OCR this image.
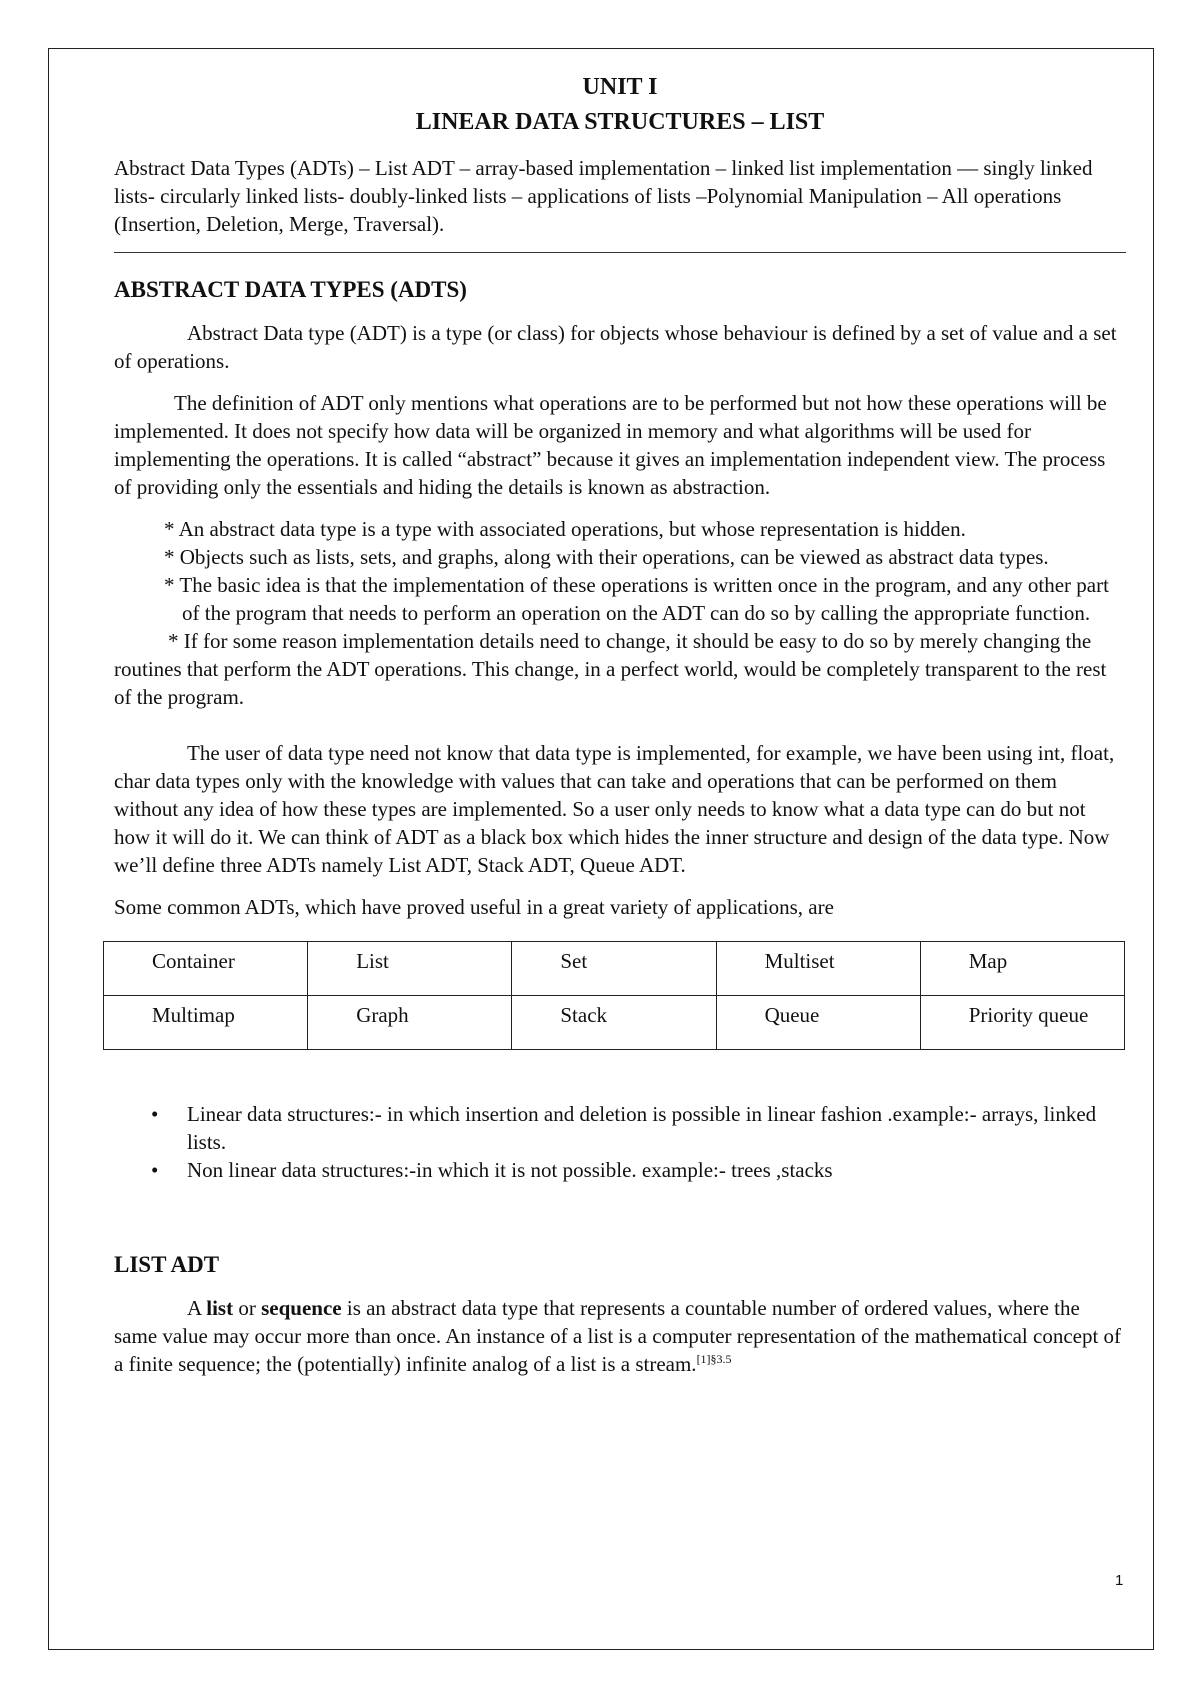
UNIT I

LINEAR DATA STRUCTURES – LIST

Abstract Data Types (ADTs) – List ADT – array-based implementation – linked list implementation –– singly linked lists- circularly linked lists- doubly-linked lists – applications of lists –Polynomial Manipulation – All operations (Insertion, Deletion, Merge, Traversal).

ABSTRACT DATA TYPES (ADTS)

Abstract Data type (ADT) is a type (or class) for objects whose behaviour is defined by a set of value and a set of operations.

The definition of ADT only mentions what operations are to be performed but not how these operations will be implemented. It does not specify how data will be organized in memory and what algorithms will be used for implementing the operations. It is called “abstract” because it gives an implementation independent view. The process of providing only the essentials and hiding the details is known as abstraction.

* An abstract data type is a type with associated operations, but whose representation is hidden.

* Objects such as lists, sets, and graphs, along with their operations, can be viewed as abstract data types.

* The basic idea is that the implementation of these operations is written once in the program, and any other part of the program that needs to perform an operation on the ADT can do so by calling the appropriate function.

* If for some reason implementation details need to change, it should be easy to do so by merely changing the routines that perform the ADT operations. This change, in a perfect world, would be completely transparent to the rest of the program.

The user of data type need not know that data type is implemented, for example, we have been using int, float, char data types only with the knowledge with values that can take and operations that can be performed on them without any idea of how these types are implemented. So a user only needs to know what a data type can do but not how it will do it. We can think of ADT as a black box which hides the inner structure and design of the data type. Now we’ll define three ADTs namely List ADT, Stack ADT, Queue ADT.

Some common ADTs, which have proved useful in a great variety of applications, are

Container	List	Set	Multiset	Map
Multimap	Graph	Stack	Queue	Priority queue
• Linear data structures:- in which insertion and deletion is possible in linear fashion .example:- arrays, linked lists.
• Non linear data structures:-in which it is not possible. example:- trees ,stacks
LIST ADT

A list or sequence is an abstract data type that represents a countable number of ordered values, where the same value may occur more than once. An instance of a list is a computer representation of the mathematical concept of a finite sequence; the (potentially) infinite analog of a list is a stream.$^{[1]\S 3.5}$

1
